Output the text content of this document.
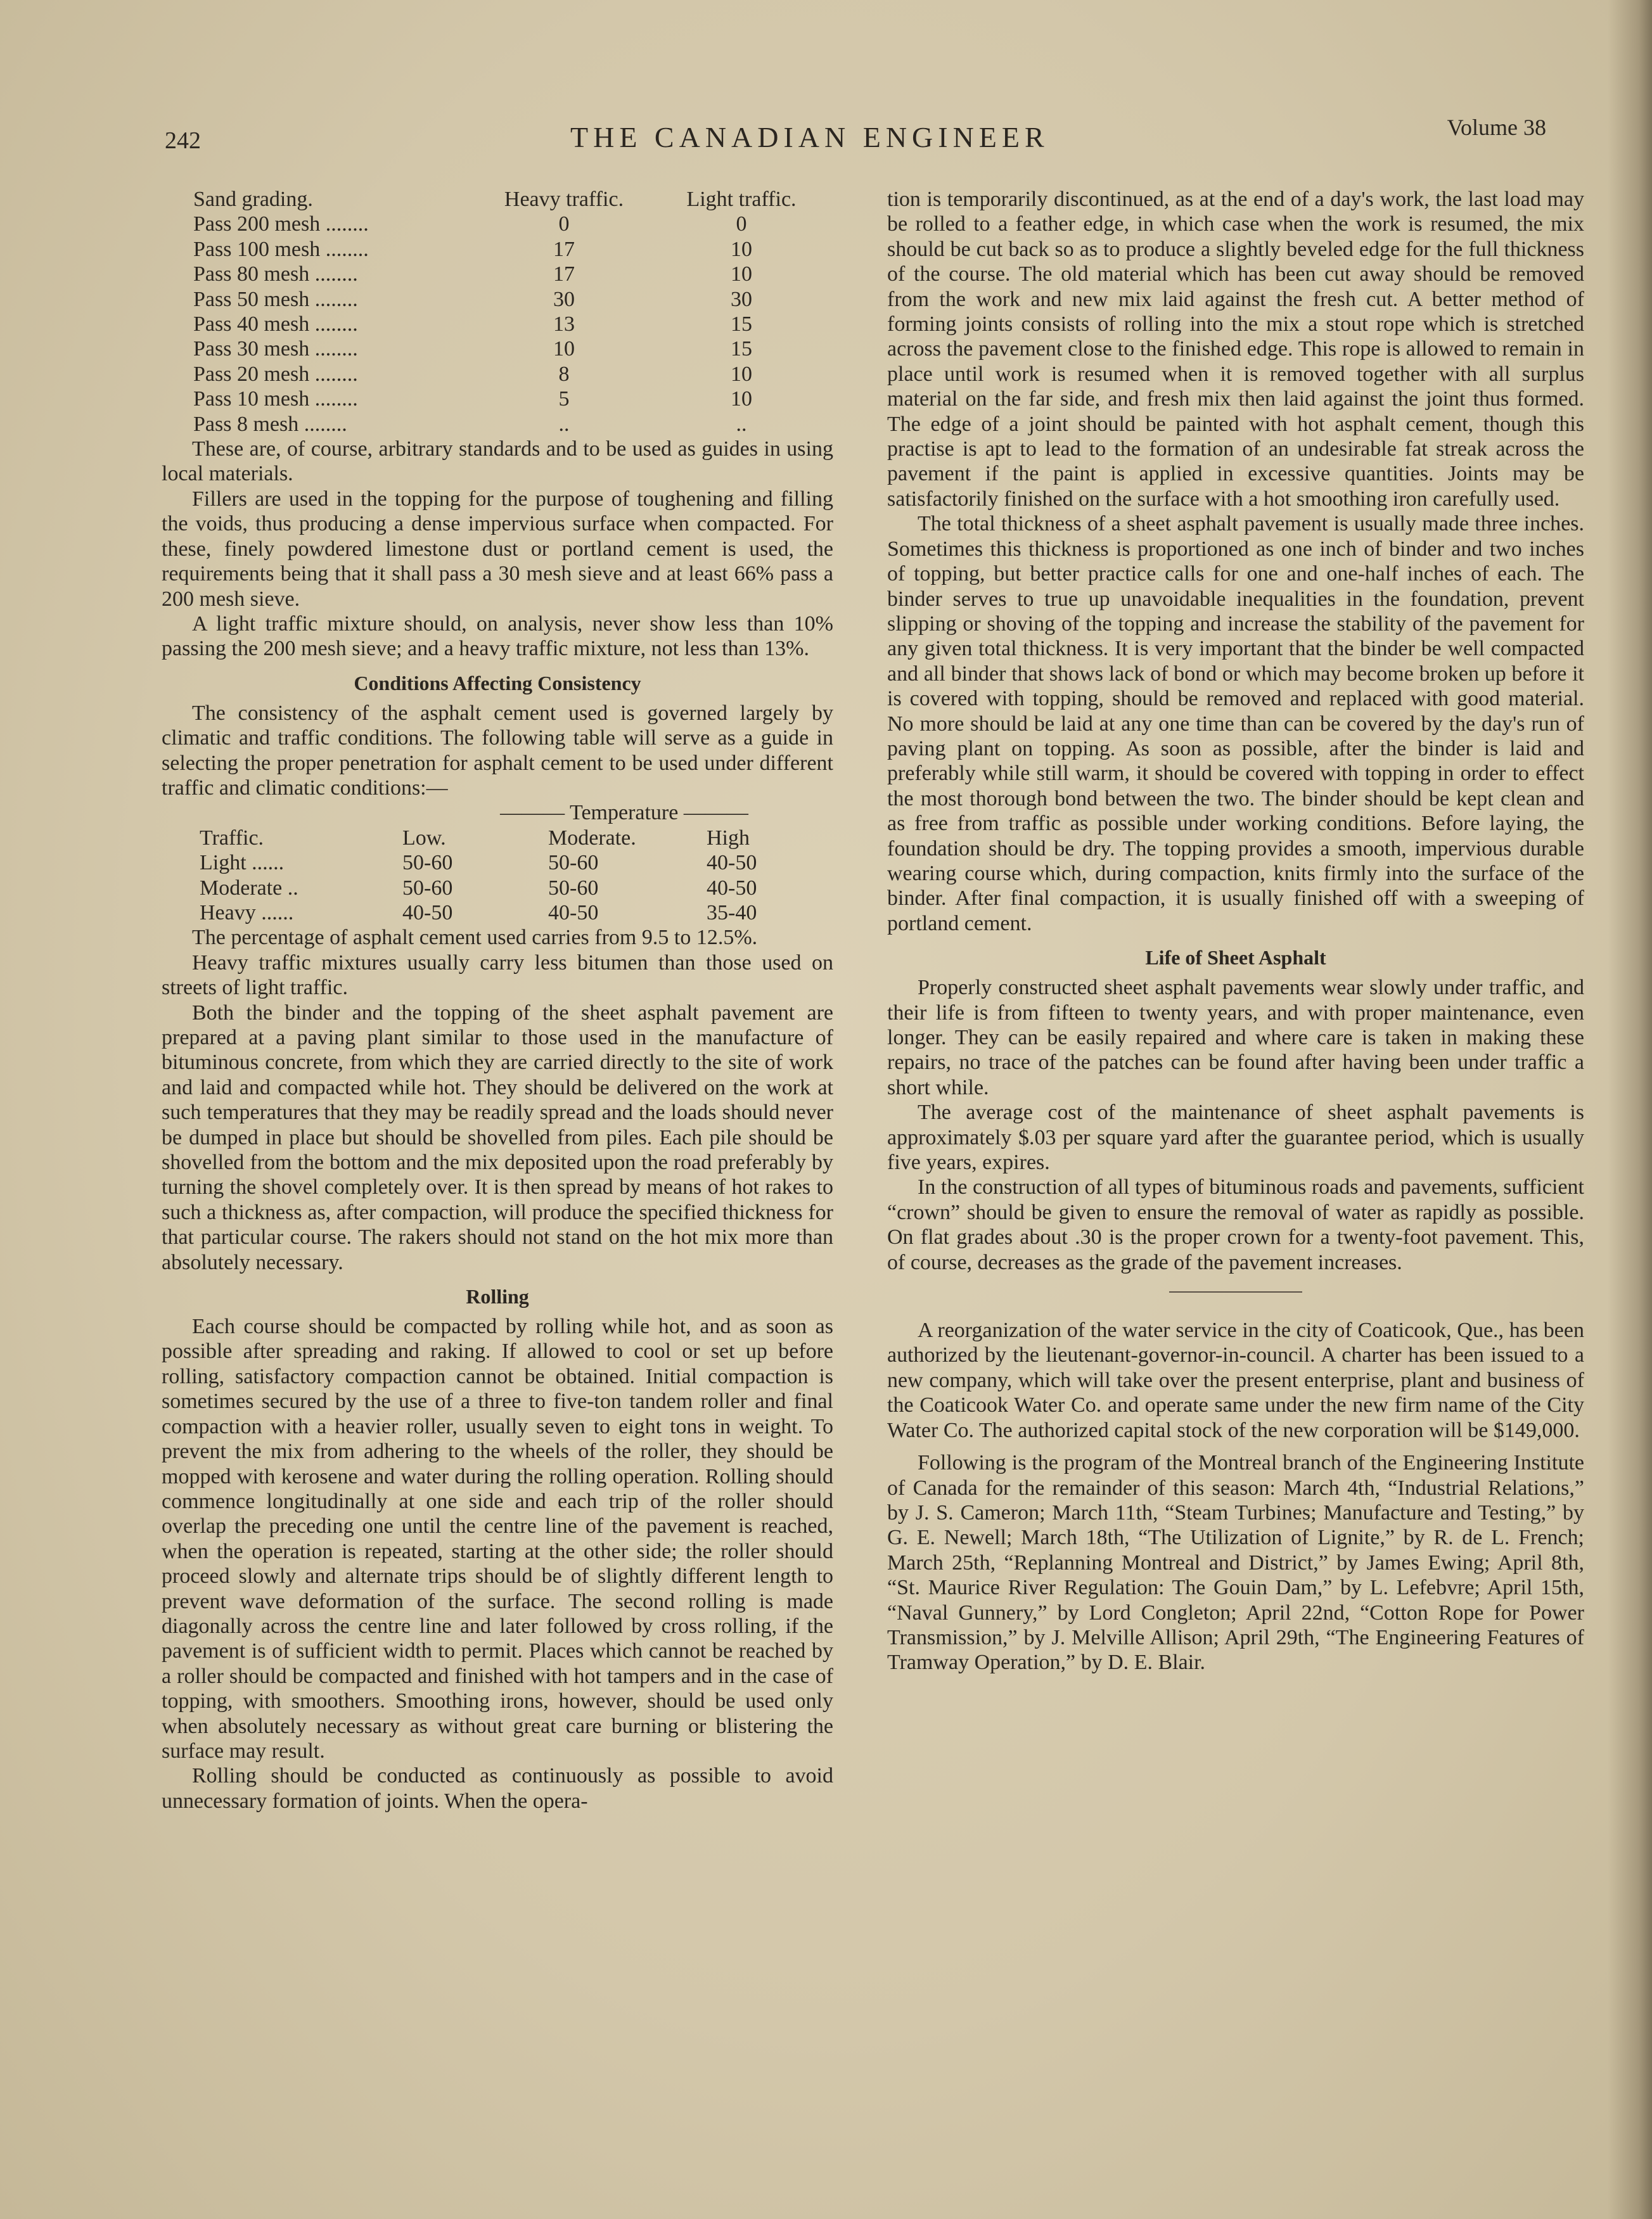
242	THE CANADIAN ENGINEER	Volume 38
Sand grading.	Heavy traffic.	Light traffic.
Pass 200 mesh ........	0	0
Pass 100 mesh ........	17	10
Pass 80 mesh ........	17	10
Pass 50 mesh ........	30	30
Pass 40 mesh ........	13	15
Pass 30 mesh ........	10	15
Pass 20 mesh ........	8	10
Pass 10 mesh ........	5	10
Pass 8 mesh ........	..	..

These are, of course, arbitrary standards and to be used as guides in using local materials.

Fillers are used in the topping for the purpose of toughening and filling the voids, thus producing a dense impervious surface when compacted. For these, finely powdered limestone dust or portland cement is used, the requirements being that it shall pass a 30 mesh sieve and at least 66% pass a 200 mesh sieve.

A light traffic mixture should, on analysis, never show less than 10% passing the 200 mesh sieve; and a heavy traffic mixture, not less than 13%.

Conditions Affecting Consistency

The consistency of the asphalt cement used is governed largely by climatic and traffic conditions. The following table will serve as a guide in selecting the proper penetration for asphalt cement to be used under different traffic and climatic conditions:—

	——— Temperature ———		
Traffic.	Low.	Moderate.	High
Light ......	50-60	50-60	40-50
Moderate ..	50-60	50-60	40-50
Heavy ......	40-50	40-50	35-40

The percentage of asphalt cement used carries from 9.5 to 12.5%.

Heavy traffic mixtures usually carry less bitumen than those used on streets of light traffic.

Both the binder and the topping of the sheet asphalt pavement are prepared at a paving plant similar to those used in the manufacture of bituminous concrete, from which they are carried directly to the site of work and laid and compacted while hot. They should be delivered on the work at such temperatures that they may be readily spread and the loads should never be dumped in place but should be shovelled from piles. Each pile should be shovelled from the bottom and the mix deposited upon the road preferably by turning the shovel completely over. It is then spread by means of hot rakes to such a thickness as, after compaction, will produce the specified thickness for that particular course. The rakers should not stand on the hot mix more than absolutely necessary.

Rolling

Each course should be compacted by rolling while hot, and as soon as possible after spreading and raking. If allowed to cool or set up before rolling, satisfactory compaction cannot be obtained. Initial compaction is sometimes secured by the use of a three to five-ton tandem roller and final compaction with a heavier roller, usually seven to eight tons in weight. To prevent the mix from adhering to the wheels of the roller, they should be mopped with kerosene and water during the rolling operation. Rolling should commence longitudinally at one side and each trip of the roller should overlap the preceding one until the centre line of the pavement is reached, when the operation is repeated, starting at the other side; the roller should proceed slowly and alternate trips should be of slightly different length to prevent wave deformation of the surface. The second rolling is made diagonally across the centre line and later followed by cross rolling, if the pavement is of sufficient width to permit. Places which cannot be reached by a roller should be compacted and finished with hot tampers and in the case of topping, with smoothers. Smoothing irons, however, should be used only when absolutely necessary as without great care burning or blistering the surface may result.

Rolling should be conducted as continuously as possible to avoid unnecessary formation of joints. When the opera-

tion is temporarily discontinued, as at the end of a day's work, the last load may be rolled to a feather edge, in which case when the work is resumed, the mix should be cut back so as to produce a slightly beveled edge for the full thickness of the course. The old material which has been cut away should be removed from the work and new mix laid against the fresh cut. A better method of forming joints consists of rolling into the mix a stout rope which is stretched across the pavement close to the finished edge. This rope is allowed to remain in place until work is resumed when it is removed together with all surplus material on the far side, and fresh mix then laid against the joint thus formed. The edge of a joint should be painted with hot asphalt cement, though this practise is apt to lead to the formation of an undesirable fat streak across the pavement if the paint is applied in excessive quantities. Joints may be satisfactorily finished on the surface with a hot smoothing iron carefully used.

The total thickness of a sheet asphalt pavement is usually made three inches. Sometimes this thickness is proportioned as one inch of binder and two inches of topping, but better practice calls for one and one-half inches of each. The binder serves to true up unavoidable inequalities in the foundation, prevent slipping or shoving of the topping and increase the stability of the pavement for any given total thickness. It is very important that the binder be well compacted and all binder that shows lack of bond or which may become broken up before it is covered with topping, should be removed and replaced with good material. No more should be laid at any one time than can be covered by the day's run of paving plant on topping. As soon as possible, after the binder is laid and preferably while still warm, it should be covered with topping in order to effect the most thorough bond between the two. The binder should be kept clean and as free from traffic as possible under working conditions. Before laying, the foundation should be dry. The topping provides a smooth, impervious durable wearing course which, during compaction, knits firmly into the surface of the binder. After final compaction, it is usually finished off with a sweeping of portland cement.

Life of Sheet Asphalt

Properly constructed sheet asphalt pavements wear slowly under traffic, and their life is from fifteen to twenty years, and with proper maintenance, even longer. They can be easily repaired and where care is taken in making these repairs, no trace of the patches can be found after having been under traffic a short while.

The average cost of the maintenance of sheet asphalt pavements is approximately $.03 per square yard after the guarantee period, which is usually five years, expires.

In the construction of all types of bituminous roads and pavements, sufficient “crown” should be given to ensure the removal of water as rapidly as possible. On flat grades about .30 is the proper crown for a twenty-foot pavement. This, of course, decreases as the grade of the pavement increases.

A reorganization of the water service in the city of Coaticook, Que., has been authorized by the lieutenant-governor-in-council. A charter has been issued to a new company, which will take over the present enterprise, plant and business of the Coaticook Water Co. and operate same under the new firm name of the City Water Co. The authorized capital stock of the new corporation will be $149,000.

Following is the program of the Montreal branch of the Engineering Institute of Canada for the remainder of this season: March 4th, “Industrial Relations,” by J. S. Cameron; March 11th, “Steam Turbines; Manufacture and Testing,” by G. E. Newell; March 18th, “The Utilization of Lignite,” by R. de L. French; March 25th, “Replanning Montreal and District,” by James Ewing; April 8th, “St. Maurice River Regulation: The Gouin Dam,” by L. Lefebvre; April 15th, “Naval Gunnery,” by Lord Congleton; April 22nd, “Cotton Rope for Power Transmission,” by J. Melville Allison; April 29th, “The Engineering Features of Tramway Operation,” by D. E. Blair.
